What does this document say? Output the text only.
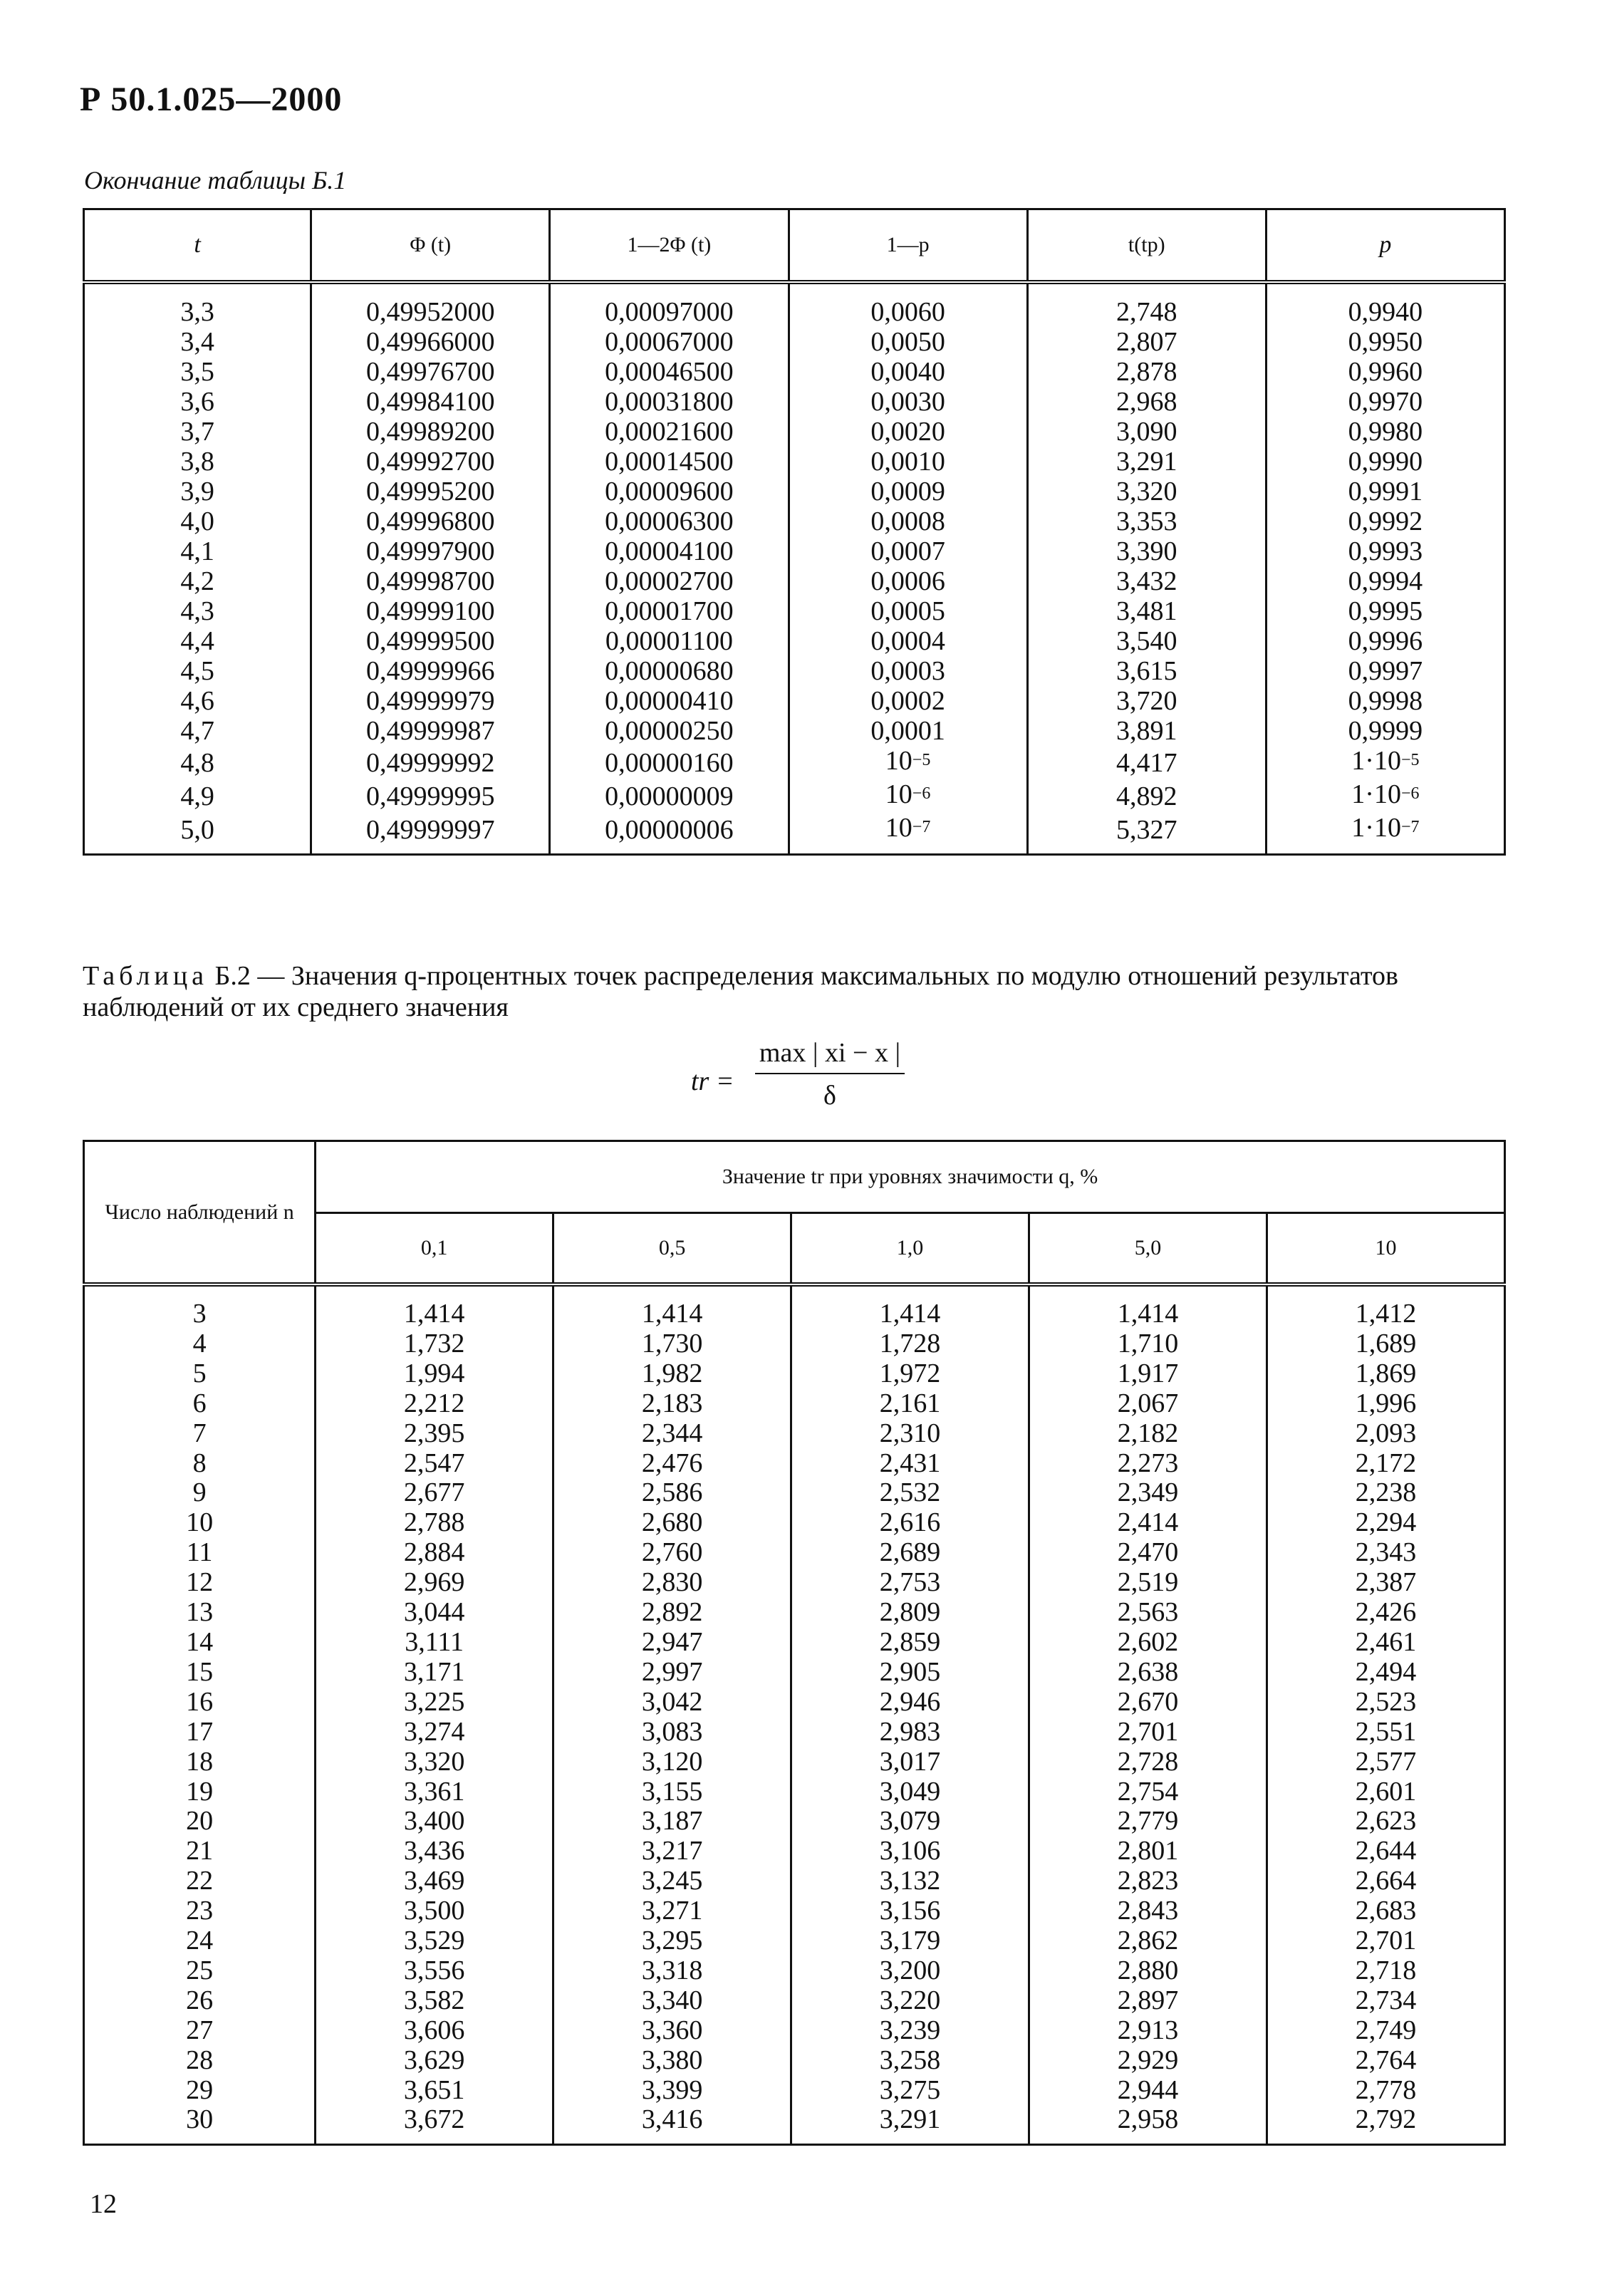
Р 50.1.025—2000
Окончание таблицы Б.1
t	Φ (t)	1—2Φ (t)	1—p	t(tp)	p
3,3	0,49952000	0,00097000	0,0060	2,748	0,9940
3,4	0,49966000	0,00067000	0,0050	2,807	0,9950
3,5	0,49976700	0,00046500	0,0040	2,878	0,9960
3,6	0,49984100	0,00031800	0,0030	2,968	0,9970
3,7	0,49989200	0,00021600	0,0020	3,090	0,9980
3,8	0,49992700	0,00014500	0,0010	3,291	0,9990
3,9	0,49995200	0,00009600	0,0009	3,320	0,9991
4,0	0,49996800	0,00006300	0,0008	3,353	0,9992
4,1	0,49997900	0,00004100	0,0007	3,390	0,9993
4,2	0,49998700	0,00002700	0,0006	3,432	0,9994
4,3	0,49999100	0,00001700	0,0005	3,481	0,9995
4,4	0,49999500	0,00001100	0,0004	3,540	0,9996
4,5	0,49999966	0,00000680	0,0003	3,615	0,9997
4,6	0,49999979	0,00000410	0,0002	3,720	0,9998
4,7	0,49999987	0,00000250	0,0001	3,891	0,9999
4,8	0,49999992	0,00000160	$10^{-5}$	4,417	$1\cdot 10^{-5}$
4,9	0,49999995	0,00000009	$10^{-6}$	4,892	$1\cdot 10^{-6}$
5,0	0,49999997	0,00000006	$10^{-7}$	5,327	$1\cdot 10^{-7}$
Таблица Б.2 — Значения q-процентных точек распределения максимальных по модулю отношений результатов наблюдений от их среднего значения
tr =
max | xi − x |
δ
Число наблюдений n	Значение tr при уровнях значимости q, %				
	0,1	0,5	1,0	5,0	10
3	1,414	1,414	1,414	1,414	1,412
4	1,732	1,730	1,728	1,710	1,689
5	1,994	1,982	1,972	1,917	1,869
6	2,212	2,183	2,161	2,067	1,996
7	2,395	2,344	2,310	2,182	2,093
8	2,547	2,476	2,431	2,273	2,172
9	2,677	2,586	2,532	2,349	2,238
10	2,788	2,680	2,616	2,414	2,294
11	2,884	2,760	2,689	2,470	2,343
12	2,969	2,830	2,753	2,519	2,387
13	3,044	2,892	2,809	2,563	2,426
14	3,111	2,947	2,859	2,602	2,461
15	3,171	2,997	2,905	2,638	2,494
16	3,225	3,042	2,946	2,670	2,523
17	3,274	3,083	2,983	2,701	2,551
18	3,320	3,120	3,017	2,728	2,577
19	3,361	3,155	3,049	2,754	2,601
20	3,400	3,187	3,079	2,779	2,623
21	3,436	3,217	3,106	2,801	2,644
22	3,469	3,245	3,132	2,823	2,664
23	3,500	3,271	3,156	2,843	2,683
24	3,529	3,295	3,179	2,862	2,701
25	3,556	3,318	3,200	2,880	2,718
26	3,582	3,340	3,220	2,897	2,734
27	3,606	3,360	3,239	2,913	2,749
28	3,629	3,380	3,258	2,929	2,764
29	3,651	3,399	3,275	2,944	2,778
30	3,672	3,416	3,291	2,958	2,792
12
